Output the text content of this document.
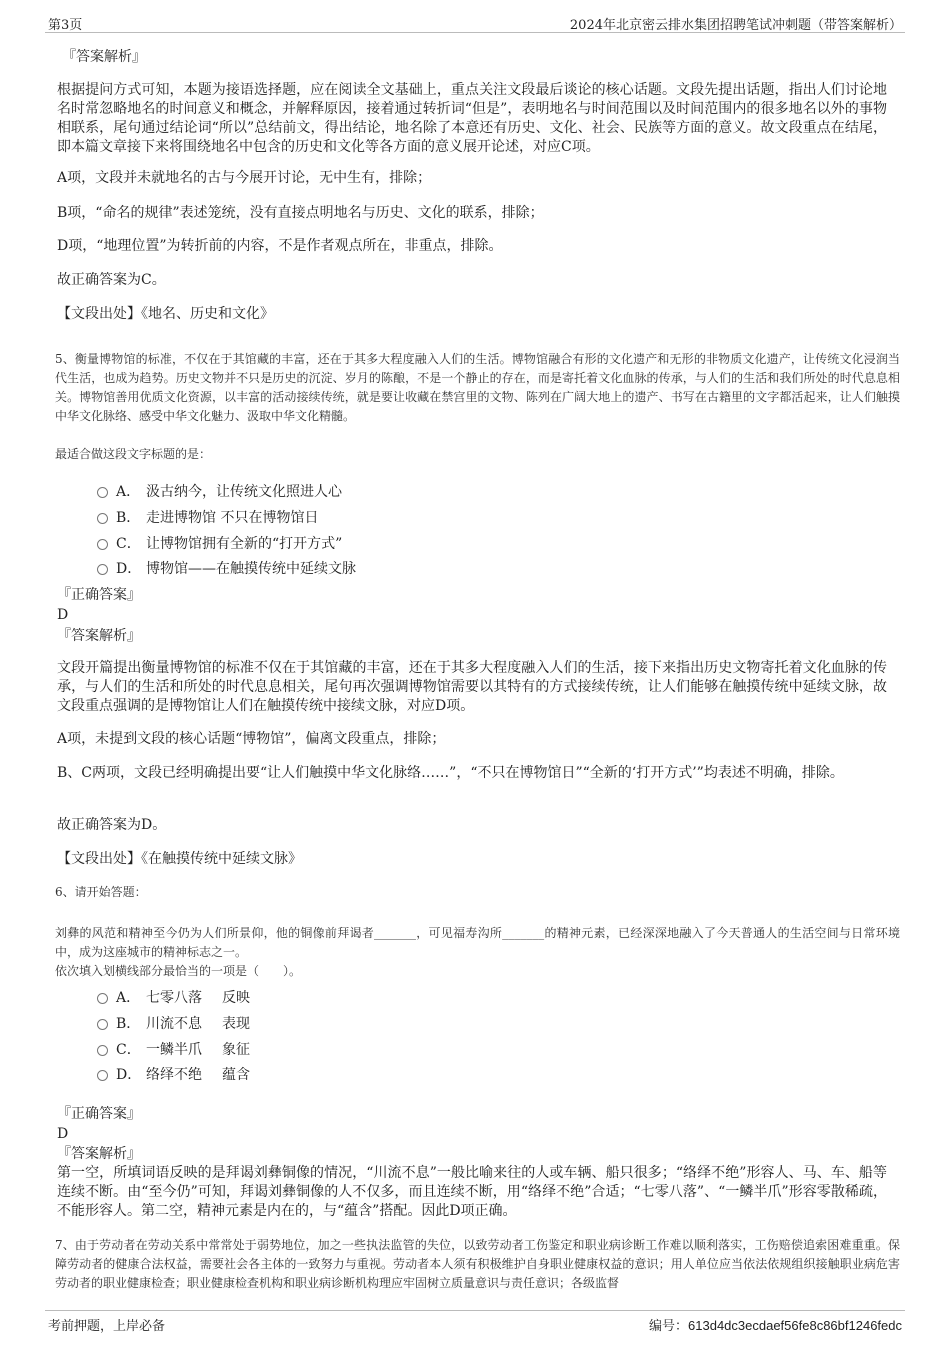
第3页	2024年北京密云排水集团招聘笔试冲刺题（带答案解析）
『答案解析』
根据提问方式可知，本题为接语选择题，应在阅读全文基础上，重点关注文段最后谈论的核心话题。文段先提出话题，指出人们讨论地名时常忽略地名的时间意义和概念，并解释原因，接着通过转折词“但是”，表明地名与时间范围以及时间范围内的很多地名以外的事物相联系，尾句通过结论词“所以”总结前文，得出结论，地名除了本意还有历史、文化、社会、民族等方面的意义。故文段重点在结尾，即本篇文章接下来将围绕地名中包含的历史和文化等各方面的意义展开论述，对应C项。
A项，文段并未就地名的古与今展开讨论，无中生有，排除；
B项，“命名的规律”表述笼统，没有直接点明地名与历史、文化的联系，排除；
D项，“地理位置”为转折前的内容，不是作者观点所在，非重点，排除。
故正确答案为C。
【文段出处】《地名、历史和文化》
5、衡量博物馆的标准，不仅在于其馆藏的丰富，还在于其多大程度融入人们的生活。博物馆融合有形的文化遗产和无形的非物质文化遗产，让传统文化浸润当代生活，也成为趋势。历史文物并不只是历史的沉淀、岁月的陈酿，不是一个静止的存在，而是寄托着文化血脉的传承，与人们的生活和我们所处的时代息息相关。博物馆善用优质文化资源，以丰富的活动接续传统，就是要让收藏在禁宫里的文物、陈列在广阔大地上的遗产、书写在古籍里的文字都活起来，让人们触摸中华文化脉络、感受中华文化魅力、汲取中华文化精髓。
最适合做这段文字标题的是：
A． 汲古纳今，让传统文化照进人心
B． 走进博物馆 不只在博物馆日
C． 让博物馆拥有全新的“打开方式”
D． 博物馆——在触摸传统中延续文脉
『正确答案』
D
『答案解析』
文段开篇提出衡量博物馆的标准不仅在于其馆藏的丰富，还在于其多大程度融入人们的生活，接下来指出历史文物寄托着文化血脉的传承，与人们的生活和所处的时代息息相关，尾句再次强调博物馆需要以其特有的方式接续传统，让人们能够在触摸传统中延续文脉，故文段重点强调的是博物馆让人们在触摸传统中接续文脉，对应D项。
A项，未提到文段的核心话题“博物馆”，偏离文段重点，排除；
B、C两项，文段已经明确提出要“让人们触摸中华文化脉络……”，“不只在博物馆日”“全新的‘打开方式’”均表述不明确，排除。
故正确答案为D。
【文段出处】《在触摸传统中延续文脉》
6、请开始答题：
刘彝的风范和精神至今仍为人们所景仰，他的铜像前拜谒者_______，可见福寿沟所_______的精神元素，已经深深地融入了今天普通人的生活空间与日常环境中，成为这座城市的精神标志之一。
依次填入划横线部分最恰当的一项是（　　）。
A． 七零八落 反映
B． 川流不息 表现
C． 一鳞半爪 象征
D． 络绎不绝 蕴含
『正确答案』
D
『答案解析』
第一空，所填词语反映的是拜谒刘彝铜像的情况，“川流不息”一般比喻来往的人或车辆、船只很多；“络绎不绝”形容人、马、车、船等连续不断。由“至今仍”可知，拜谒刘彝铜像的人不仅多，而且连续不断，用“络绎不绝”合适；“七零八落”、“一鳞半爪”形容零散稀疏，不能形容人。第二空，精神元素是内在的，与“蕴含”搭配。因此D项正确。
7、由于劳动者在劳动关系中常常处于弱势地位，加之一些执法监管的失位，以致劳动者工伤鉴定和职业病诊断工作难以顺利落实，工伤赔偿追索困难重重。保障劳动者的健康合法权益，需要社会各主体的一致努力与重视。劳动者本人须有积极维护自身职业健康权益的意识；用人单位应当依法依规组织接触职业病危害劳动者的职业健康检查；职业健康检查机构和职业病诊断机构理应牢固树立质量意识与责任意识；各级监督
考前押题，上岸必备	编号：613d4dc3ecdaef56fe8c86bf1246fedc
